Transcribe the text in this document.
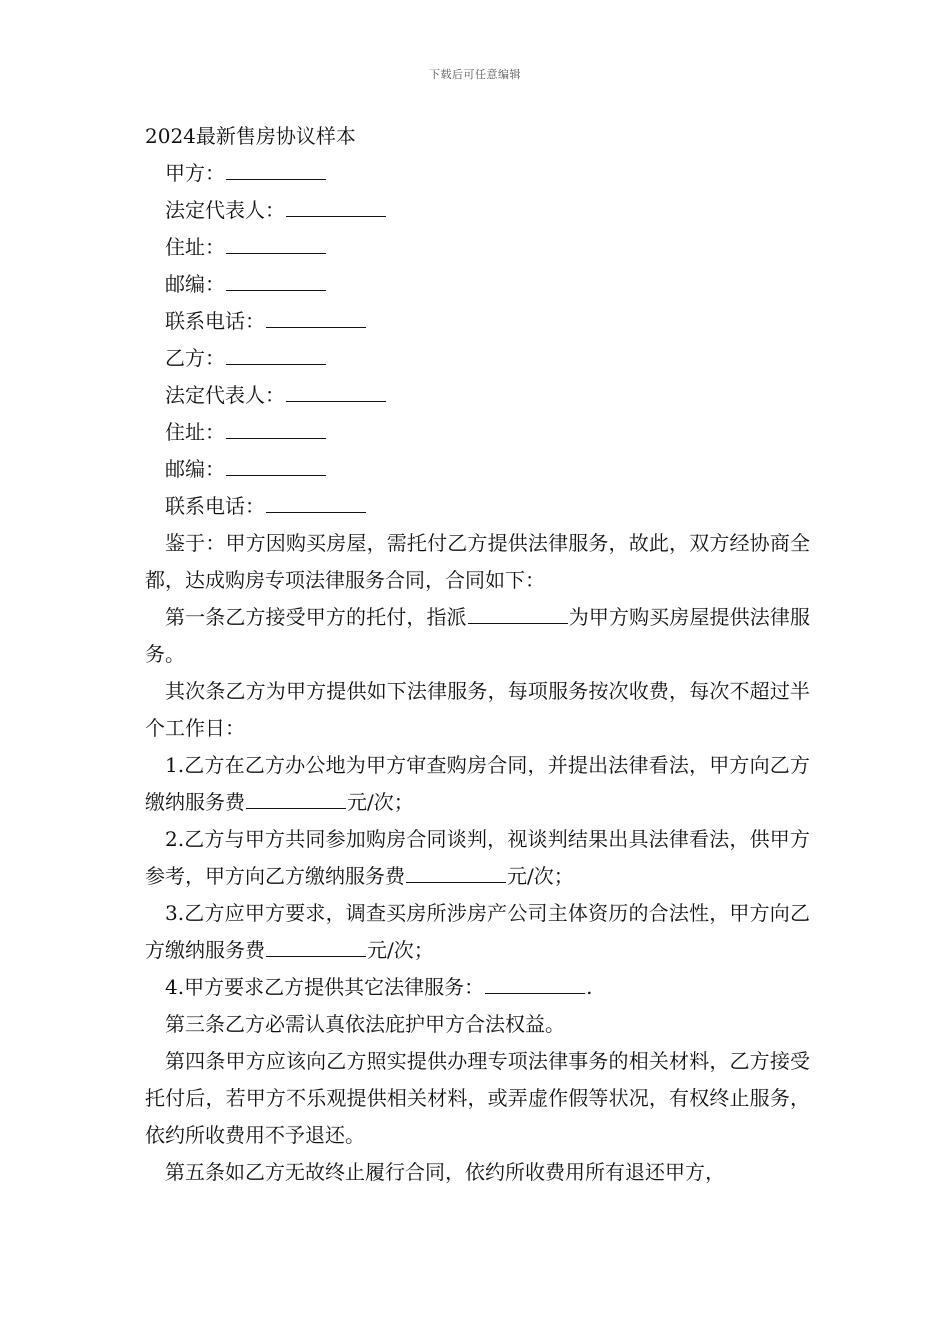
下载后可任意编辑
2024最新售房协议样本

甲方：

法定代表人：

住址：

邮编：

联系电话：

乙方：

法定代表人：

住址：

邮编：

联系电话：

鉴于：甲方因购买房屋，需托付乙方提供法律服务，故此，双方经协商全都，达成购房专项法律服务合同，合同如下：

第一条乙方接受甲方的托付，指派	为甲方购买房屋提供法律服务。

其次条乙方为甲方提供如下法律服务，每项服务按次收费，每次不超过半个工作日：

1.乙方在乙方办公地为甲方审查购房合同，并提出法律看法，甲方向乙方缴纳服务费	元/次；

2.乙方与甲方共同参加购房合同谈判，视谈判结果出具法律看法，供甲方参考，甲方向乙方缴纳服务费	元/次；

3.乙方应甲方要求，调查买房所涉房产公司主体资历的合法性，甲方向乙方缴纳服务费	元/次；

4.甲方要求乙方提供其它法律服务：	.

第三条乙方必需认真依法庇护甲方合法权益。

第四条甲方应该向乙方照实提供办理专项法律事务的相关材料，乙方接受托付后，若甲方不乐观提供相关材料，或弄虚作假等状况，有权终止服务，依约所收费用不予退还。

第五条如乙方无故终止履行合同，依约所收费用所有退还甲方，
